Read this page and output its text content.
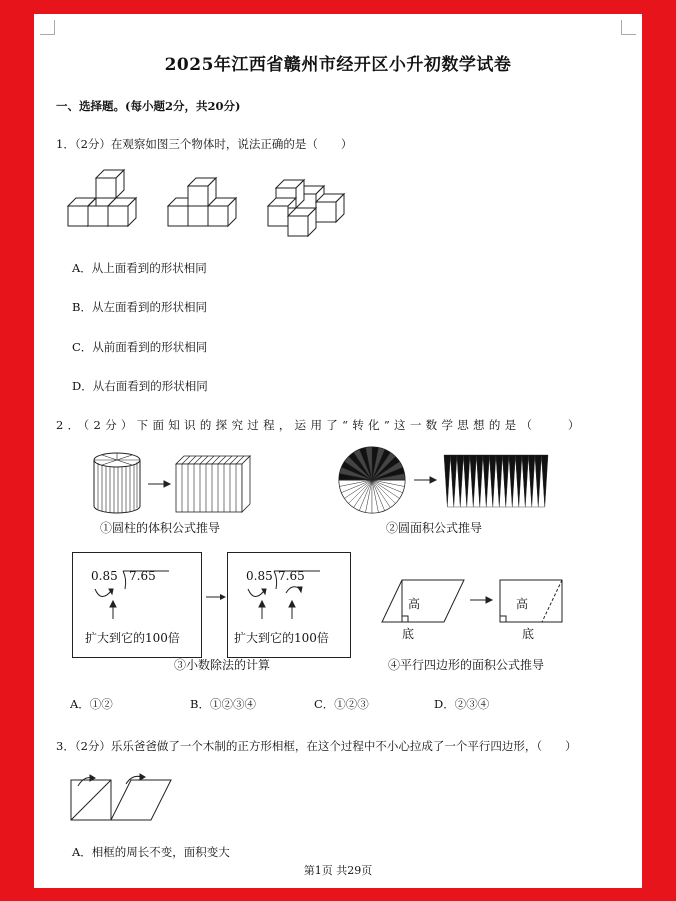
2025年江西省赣州市经开区小升初数学试卷
一、选择题。(每小题2分，共20分)
1．（2分）在观察如图三个物体时，说法正确的是（　　）
A．从上面看到的形状相同
B．从左面看到的形状相同
C．从前面看到的形状相同
D．从右面看到的形状相同
2．（2分）下面知识的探究过程，运用了“转化”这一数学思想的是（　　）
①圆柱的体积公式推导	②圆面积公式推导
0.85 7.65
扩大到它的100倍
0.85 7.65
扩大到它的100倍
③小数除法的计算
高
底
高
底
④平行四边形的面积公式推导
A．①②	B．①②③④	C．①②③	D．②③④
3．（2分）乐乐爸爸做了一个木制的正方形相框，在这个过程中不小心拉成了一个平行四边形，（　　）
A．相框的周长不变，面积变大
第1页 共29页
